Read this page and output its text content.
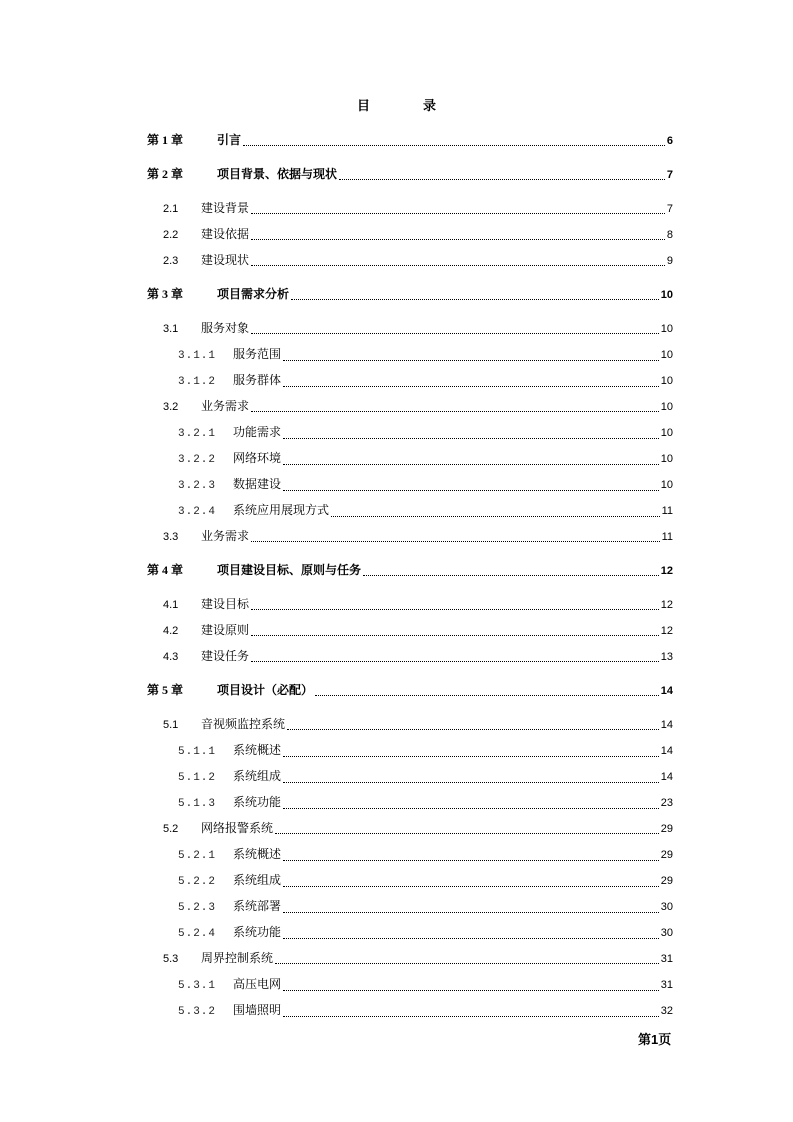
目　录
第 1 章	引言	6
第 2 章	项目背景、依据与现状	7
2.1	建设背景	7
2.2	建设依据	8
2.3	建设现状	9
第 3 章	项目需求分析	10
3.1	服务对象	10
3.1.1	服务范围	10
3.1.2	服务群体	10
3.2	业务需求	10
3.2.1	功能需求	10
3.2.2	网络环境	10
3.2.3	数据建设	10
3.2.4	系统应用展现方式	11
3.3	业务需求	11
第 4 章	项目建设目标、原则与任务	12
4.1	建设目标	12
4.2	建设原则	12
4.3	建设任务	13
第 5 章	项目设计（必配）	14
5.1	音视频监控系统	14
5.1.1	系统概述	14
5.1.2	系统组成	14
5.1.3	系统功能	23
5.2	网络报警系统	29
5.2.1	系统概述	29
5.2.2	系统组成	29
5.2.3	系统部署	30
5.2.4	系统功能	30
5.3	周界控制系统	31
5.3.1	高压电网	31
5.3.2	围墙照明	32
第1页
